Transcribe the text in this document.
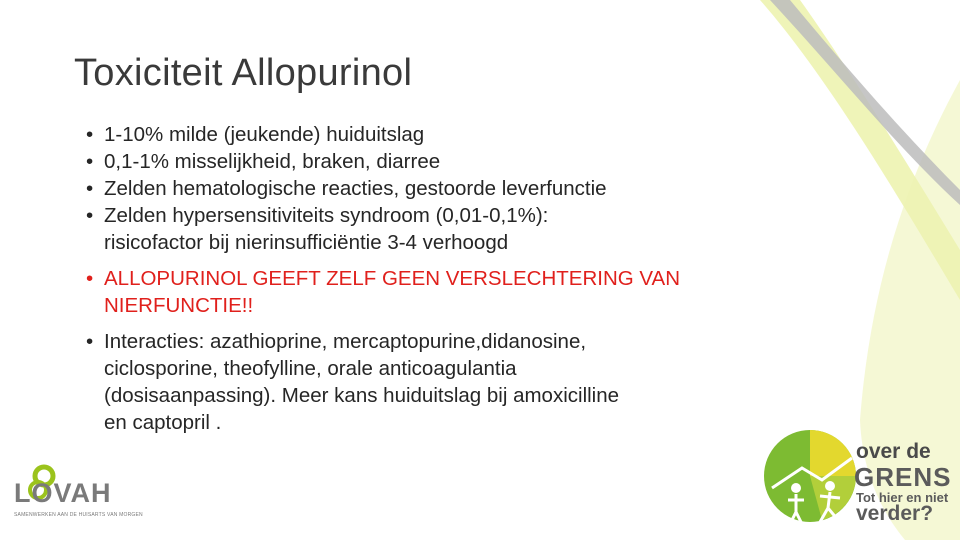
Toxiciteit Allopurinol
• 1-10% milde (jeukende) huiduitslag
• 0,1-1% misselijkheid, braken, diarree
• Zelden hematologische reacties, gestoorde leverfunctie
• Zelden hypersensitiviteits syndroom (0,01-0,1%):
risicofactor bij nierinsufficiëntie 3-4 verhoogd
• ALLOPURINOL GEEFT ZELF GEEN VERSLECHTERING VAN
NIERFUNCTIE!!
• Interacties: azathioprine, mercaptopurine,didanosine,
ciclosporine, theofylline, orale anticoagulantia
(dosisaanpassing). Meer kans huiduitslag bij amoxicilline
en captopril .
LOVAH
SAMENWERKEN AAN DE HUISARTS VAN MORGEN
over de
GRENS
Tot hier en niet
verder?
